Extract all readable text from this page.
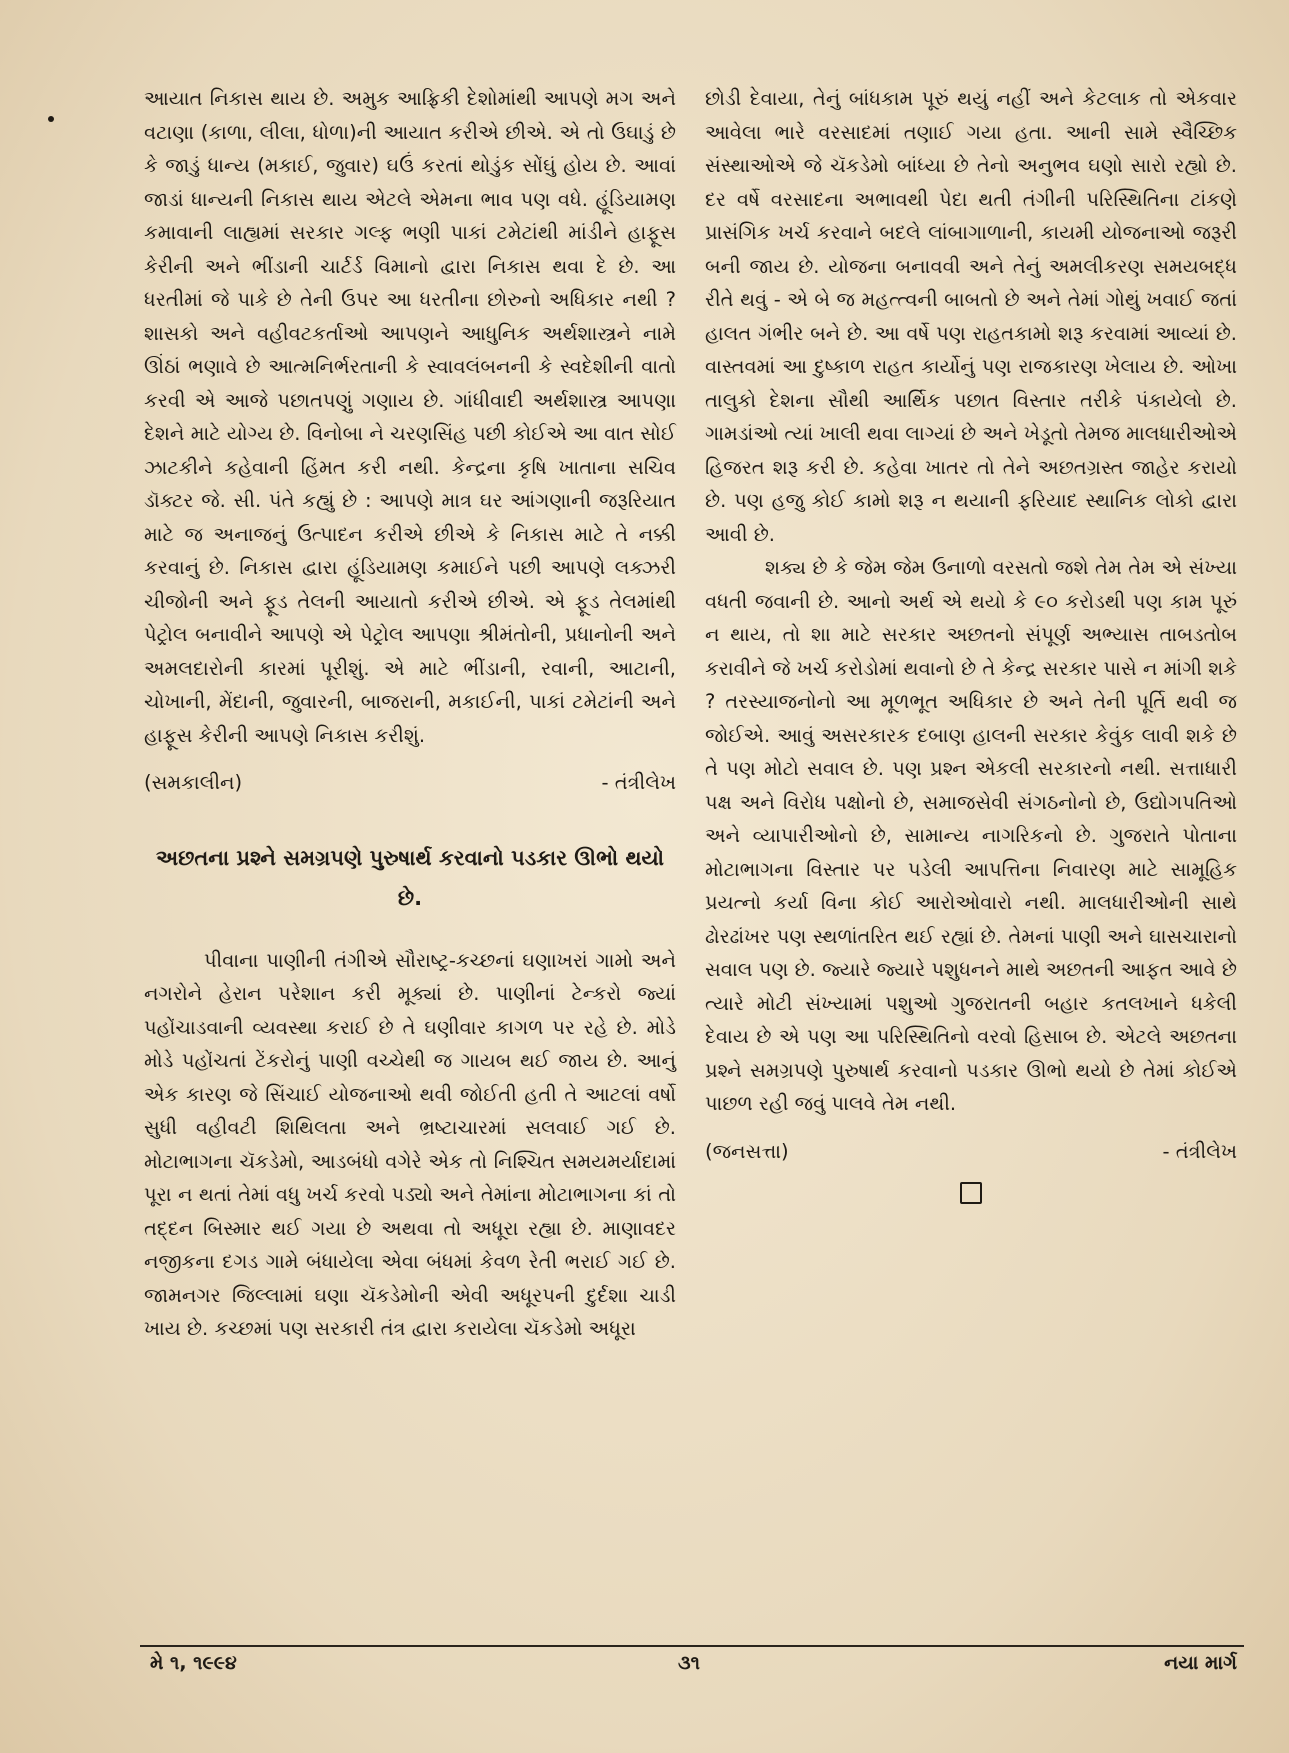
આયાત નિકાસ થાય છે. અમુક આફ્રિકી દેશોમાંથી આપણે મગ અને વટાણા (કાળા, લીલા, ધોળા)ની આયાત કરીએ છીએ. એ તો ઉઘાડું છે કે જાડું ધાન્ય (મકાઈ, જુવાર) ઘઉં કરતાં થોડુંક સોંઘું હોય છે. આવાં જાડાં ધાન્યની નિકાસ થાય એટલે એમના ભાવ પણ વધે. હૂંડિયામણ કમાવાની લાહ્યમાં સરકાર ગલ્ફ ભણી પાકાં ટમેટાંથી માંડીને હાફૂસ કેરીની અને ભીંડાની ચાર્ટર્ડ વિમાનો દ્વારા નિકાસ થવા દે છે. આ ધરતીમાં જે પાકે છે તેની ઉપર આ ધરતીના છોરુનો અધિકાર નથી ? શાસકો અને વહીવટકર્તાઓ આપણને આધુનિક અર્થશાસ્ત્રને નામે ઊંઠાં ભણાવે છે આત્મનિર્ભરતાની કે સ્વાવલંબનની કે સ્વદેશીની વાતો કરવી એ આજે પછાતપણું ગણાય છે. ગાંધીવાદી અર્થશાસ્ત્ર આપણા દેશને માટે યોગ્ય છે. વિનોબા ને ચરણસિંહ પછી કોઈએ આ વાત સોઈ ઝાટકીને કહેવાની હિંમત કરી નથી. કેન્દ્રના કૃષિ ખાતાના સચિવ ડૉક્ટર જે. સી. પંતે કહ્યું છે : આપણે માત્ર ઘર આંગણાની જરૂરિયાત માટે જ અનાજનું ઉત્પાદન કરીએ છીએ કે નિકાસ માટે તે નક્કી કરવાનું છે. નિકાસ દ્વારા હૂંડિયામણ કમાઈને પછી આપણે લક્ઝરી ચીજોની અને ફૂડ તેલની આયાતો કરીએ છીએ. એ ફૂડ તેલમાંથી પેટ્રોલ બનાવીને આપણે એ પેટ્રોલ આપણા શ્રીમંતોની, પ્રધાનોની અને અમલદારોની કારમાં પૂરીશું. એ માટે ભીંડાની, રવાની, આટાની, ચોખાની, મેંદાની, જુવારની, બાજરાની, મકાઈની, પાકાં ટમેટાંની અને હાફૂસ કેરીની આપણે નિકાસ કરીશું.

(સમકાલીન)	- તંત્રીલેખ
અછતના પ્રશ્ને સમગ્રપણે પુરુષાર્થ કરવાનો પડકાર ઊભો થયો છે.

પીવાના પાણીની તંગીએ સૌરાષ્ટ્ર-કચ્છનાં ઘણાખરાં ગામો અને નગરોને હેરાન પરેશાન કરી મૂક્યાં છે. પાણીનાં ટેન્કરો જ્યાં પહોંચાડવાની વ્યવસ્થા કરાઈ છે તે ઘણીવાર કાગળ પર રહે છે. મોડે મોડે પહોંચતાં ટેંકરોનું પાણી વચ્ચેથી જ ગાયબ થઈ જાય છે. આનું એક કારણ જે સિંચાઈ યોજનાઓ થવી જોઈતી હતી તે આટલાં વર્ષો સુધી વહીવટી શિથિલતા અને ભ્રષ્ટાચારમાં સલવાઈ ગઈ છે. મોટાભાગના ચૅકડેમો, આડબંધો વગેરે એક તો નિશ્ચિત સમયમર્યાદામાં પૂરા ન થતાં તેમાં વધુ ખર્ચ કરવો પડ્યો અને તેમાંના મોટાભાગના કાં તો તદ્દન બિસ્માર થઈ ગયા છે અથવા તો અધૂરા રહ્યા છે. માણાવદર નજીકના દગડ ગામે બંધાયેલા એવા બંધમાં કેવળ રેતી ભરાઈ ગઈ છે. જામનગર જિલ્લામાં ઘણા ચૅકડેમોની એવી અધૂરપની દુર્દશા ચાડી ખાય છે. કચ્છમાં પણ સરકારી તંત્ર દ્વારા કરાયેલા ચૅકડેમો અધૂરા

છોડી દેવાયા, તેનું બાંધકામ પૂરું થયું નહીં અને કેટલાક તો એકવાર આવેલા ભારે વરસાદમાં તણાઈ ગયા હતા. આની સામે સ્વૈચ્છિક સંસ્થાઓએ જે ચૅકડેમો બાંધ્યા છે તેનો અનુભવ ઘણો સારો રહ્યો છે. દર વર્ષે વરસાદના અભાવથી પેદા થતી તંગીની પરિસ્થિતિના ટાંકણે પ્રાસંગિક ખર્ચ કરવાને બદલે લાંબાગાળાની, કાયમી યોજનાઓ જરૂરી બની જાય છે. યોજના બનાવવી અને તેનું અમલીકરણ સમયબદ્ધ રીતે થવું - એ બે જ મહત્ત્વની બાબતો છે અને તેમાં ગોથું ખવાઈ જતાં હાલત ગંભીર બને છે. આ વર્ષે પણ રાહતકામો શરૂ કરવામાં આવ્યાં છે. વાસ્તવમાં આ દુષ્કાળ રાહત કાર્યોનું પણ રાજકારણ ખેલાય છે. ઓખા તાલુકો દેશના સૌથી આર્થિક પછાત વિસ્તાર તરીકે પંકાયેલો છે. ગામડાંઓ ત્યાં ખાલી થવા લાગ્યાં છે અને ખેડૂતો તેમજ માલધારીઓએ હિજરત શરૂ કરી છે. કહેવા ખાતર તો તેને અછતગ્રસ્ત જાહેર કરાયો છે. પણ હજુ કોઈ કામો શરૂ ન થયાની ફરિયાદ સ્થાનિક લોકો દ્વારા આવી છે.

શક્ય છે કે જેમ જેમ ઉનાળો વરસતો જશે તેમ તેમ એ સંખ્યા વધતી જવાની છે. આનો અર્થ એ થયો કે ૯૦ કરોડથી પણ કામ પૂરું ન થાય, તો શા માટે સરકાર અછતનો સંપૂર્ણ અભ્યાસ તાબડતોબ કરાવીને જે ખર્ચ કરોડોમાં થવાનો છે તે કેન્દ્ર સરકાર પાસે ન માંગી શકે ? તરસ્યાજનોનો આ મૂળભૂત અધિકાર છે અને તેની પૂર્તિ થવી જ જોઈએ. આવું અસરકારક દબાણ હાલની સરકાર કેવુંક લાવી શકે છે તે પણ મોટો સવાલ છે. પણ પ્રશ્ન એકલી સરકારનો નથી. સત્તાધારી પક્ષ અને વિરોધ પક્ષોનો છે, સમાજસેવી સંગઠનોનો છે, ઉદ્યોગપતિઓ અને વ્યાપારીઓનો છે, સામાન્ય નાગરિકનો છે. ગુજરાતે પોતાના મોટાભાગના વિસ્તાર પર પડેલી આપત્તિના નિવારણ માટે સામૂહિક પ્રયત્નો કર્યા વિના કોઈ આરોઓવારો નથી. માલધારીઓની સાથે ઢોરઢાંખર પણ સ્થળાંતરિત થઈ રહ્યાં છે. તેમનાં પાણી અને ઘાસચારાનો સવાલ પણ છે. જ્યારે જ્યારે પશુધનને માથે અછતની આફત આવે છે ત્યારે મોટી સંખ્યામાં પશુઓ ગુજરાતની બહાર કતલખાને ધકેલી દેવાય છે એ પણ આ પરિસ્થિતિનો વરવો હિસાબ છે. એટલે અછતના પ્રશ્ને સમગ્રપણે પુરુષાર્થ કરવાનો પડકાર ઊભો થયો છે તેમાં કોઈએ પાછળ રહી જવું પાલવે તેમ નથી.

(જનસત્તા)	- તંત્રીલેખ
મે ૧, ૧૯૯૪	૩૧	નયા માર્ગ
